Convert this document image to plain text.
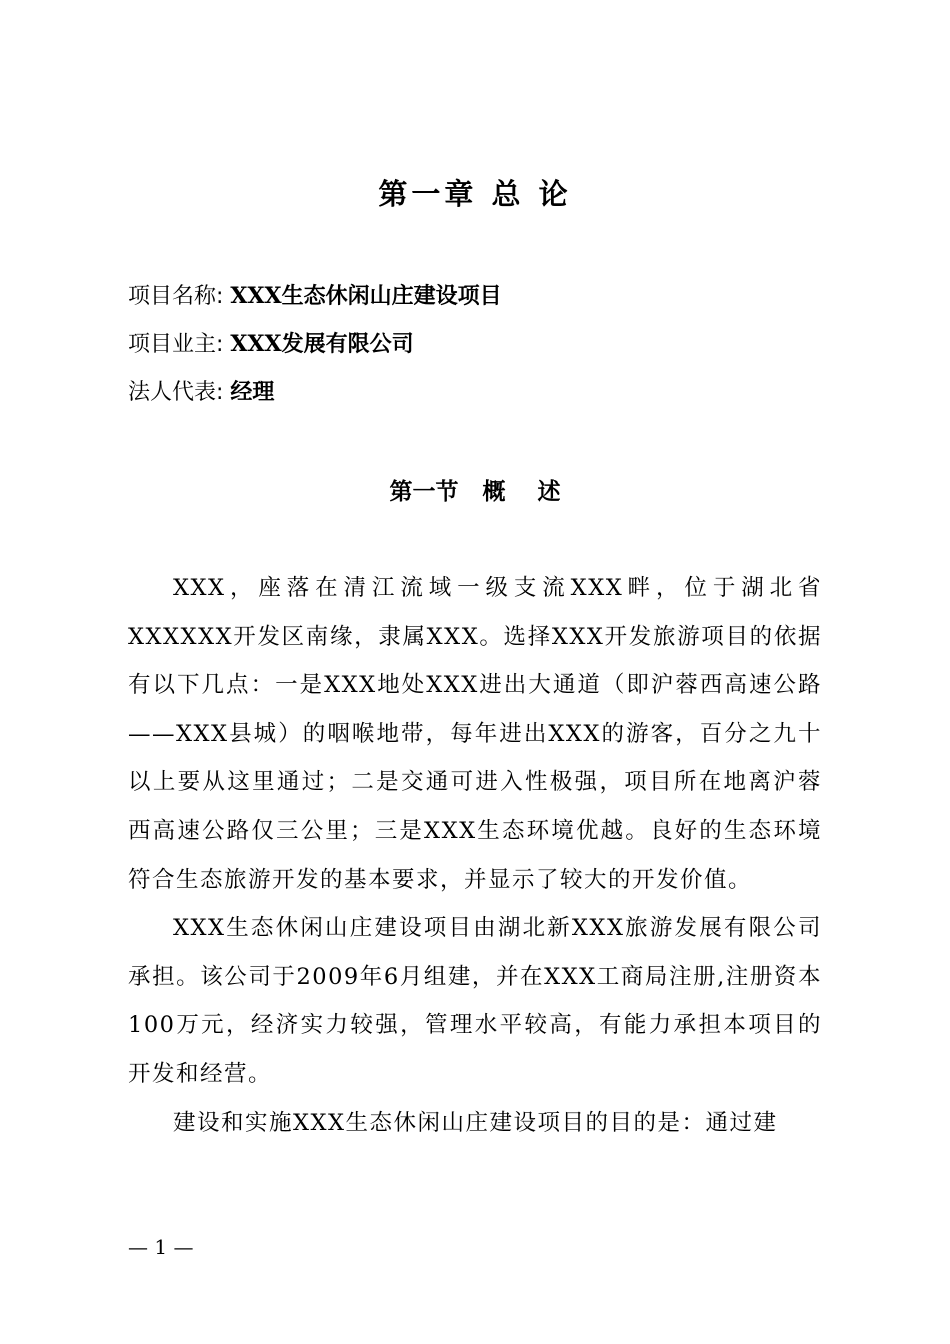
第一章 总 论
项目名称: XXX生态休闲山庄建设项目
项目业主: XXX发展有限公司
法人代表: 经理
第一节   概    述

XXX，座落在清江流域一级支流XXX畔，位于湖北省XXXXXX开发区南缘，隶属XXX。选择XXX开发旅游项目的依据有以下几点：一是XXX地处XXX进出大通道（即沪蓉西高速公路——XXX县城）的咽喉地带，每年进出XXX的游客，百分之九十以上要从这里通过；二是交通可进入性极强，项目所在地离沪蓉西高速公路仅三公里；三是XXX生态环境优越。良好的生态环境符合生态旅游开发的基本要求，并显示了较大的开发价值。

XXX生态休闲山庄建设项目由湖北新XXX旅游发展有限公司承担。该公司于2009年6月组建，并在XXX工商局注册,注册资本100万元，经济实力较强，管理水平较高，有能力承担本项目的开发和经营。

建设和实施XXX生态休闲山庄建设项目的目的是：通过建

— 1 —
